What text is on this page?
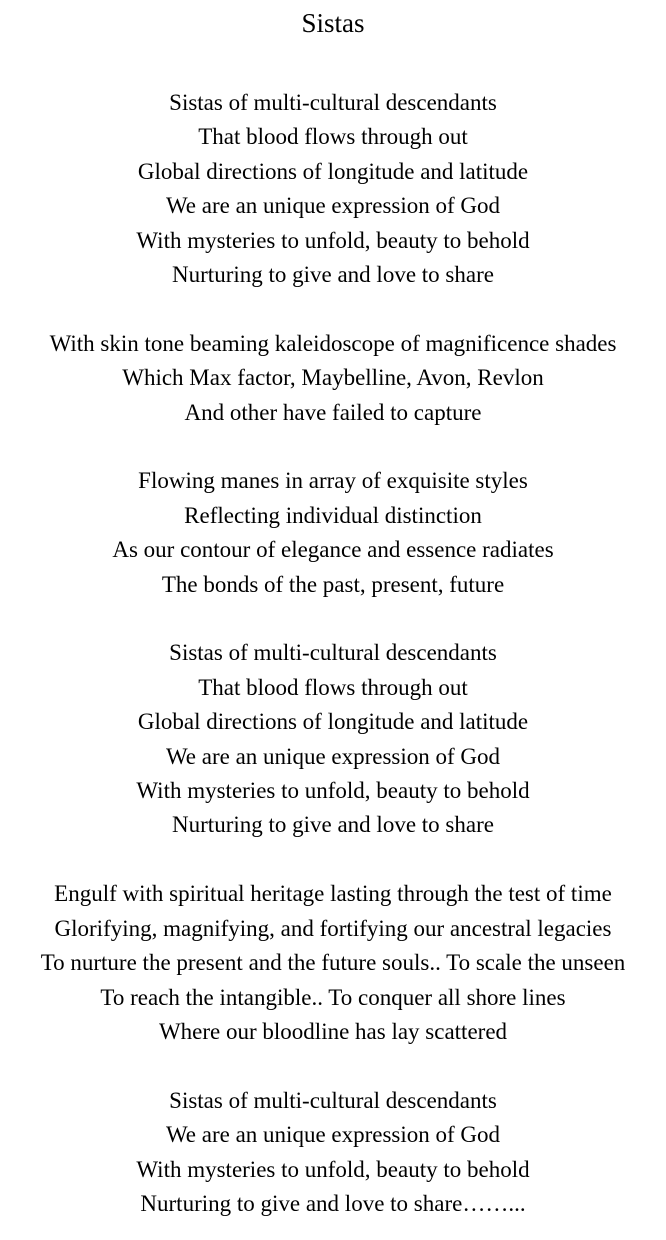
Sistas
Sistas of multi-cultural descendants
That blood flows through out
Global directions of longitude and latitude
We are an unique expression of God
With mysteries to unfold, beauty to behold
Nurturing to give and love to share
With skin tone beaming kaleidoscope of magnificence shades
Which Max factor, Maybelline, Avon, Revlon
And other have failed to capture
Flowing manes in array of exquisite styles
Reflecting individual distinction
As our contour of elegance and essence radiates
The bonds of the past, present, future
Sistas of multi-cultural descendants
That blood flows through out
Global directions of longitude and latitude
We are an unique expression of God
With mysteries to unfold, beauty to behold
Nurturing to give and love to share
Engulf with spiritual heritage lasting through the test of time
Glorifying, magnifying, and fortifying our ancestral legacies
To nurture the present and the future souls.. To scale the unseen
To reach the intangible.. To conquer all shore lines
Where our bloodline has lay scattered
Sistas of multi-cultural descendants
We are an unique expression of God
With mysteries to unfold, beauty to behold
Nurturing to give and love to share……...
